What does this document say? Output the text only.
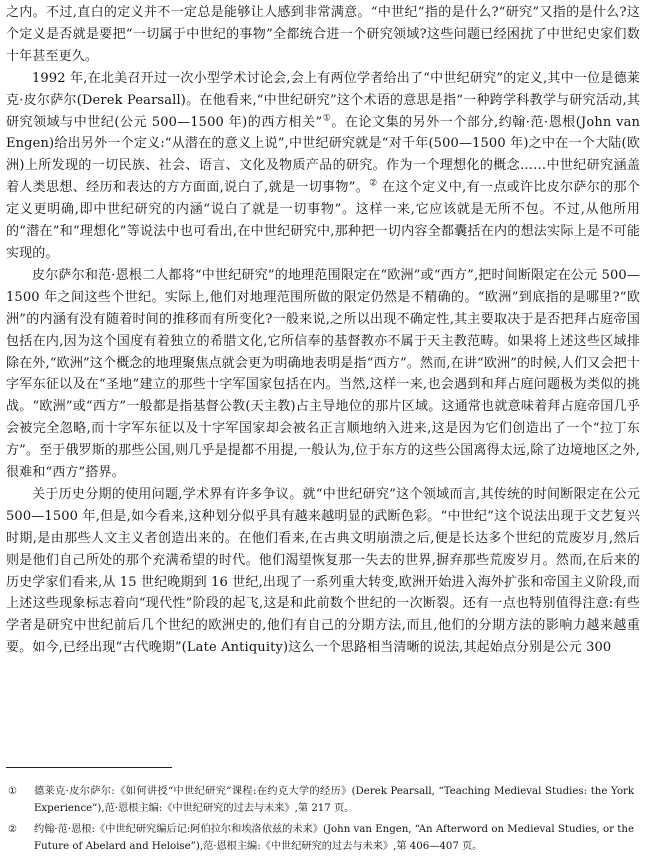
之内。不过,直白的定义并不一定总是能够让人感到非常满意。“中世纪”指的是什么?“研究”又指的是什么?这个定义是否就是要把“一切属于中世纪的事物”全都统合进一个研究领域?这些问题已经困扰了中世纪史家们数十年甚至更久。

1992 年,在北美召开过一次小型学术讨论会,会上有两位学者给出了“中世纪研究”的定义,其中一位是德莱克·皮尔萨尔(Derek Pearsall)。在他看来,“中世纪研究”这个术语的意思是指“一种跨学科教学与研究活动,其研究领域与中世纪(公元 500—1500 年)的西方相关”①。在论文集的另外一个部分,约翰·范·恩根(John van Engen)给出另外一个定义:“从潜在的意义上说”,中世纪研究就是“对千年(500—1500 年)之中在一个大陆(欧洲)上所发现的一切民族、社会、语言、文化及物质产品的研究。作为一个理想化的概念……中世纪研究涵盖着人类思想、经历和表达的方方面面,说白了,就是一切事物”。② 在这个定义中,有一点或许比皮尔萨尔的那个定义更明确,即中世纪研究的内涵“说白了就是一切事物”。这样一来,它应该就是无所不包。不过,从他所用的“潜在”和“理想化”等说法中也可看出,在中世纪研究中,那种把一切内容全都囊括在内的想法实际上是不可能实现的。

皮尔萨尔和范·恩根二人都将“中世纪研究”的地理范围限定在“欧洲”或“西方”,把时间断限定在公元 500—1500 年之间这些个世纪。实际上,他们对地理范围所做的限定仍然是不精确的。“欧洲”到底指的是哪里?“欧洲”的内涵有没有随着时间的推移而有所变化?一般来说,之所以出现不确定性,其主要取决于是否把拜占庭帝国包括在内,因为这个国度有着独立的希腊文化,它所信奉的基督教亦不属于天主教范畴。如果将上述这些区域排除在外,“欧洲”这个概念的地理聚焦点就会更为明确地表明是指“西方”。然而,在讲“欧洲”的时候,人们又会把十字军东征以及在“圣地”建立的那些十字军国家包括在内。当然,这样一来,也会遇到和拜占庭问题极为类似的挑战。“欧洲”或“西方”一般都是指基督公教(天主教)占主导地位的那片区域。这通常也就意味着拜占庭帝国几乎会被完全忽略,而十字军东征以及十字军国家却会被名正言顺地纳入进来,这是因为它们创造出了一个“拉丁东方”。至于俄罗斯的那些公国,则几乎是提都不用提,一般认为,位于东方的这些公国离得太远,除了边境地区之外,很难和“西方”搭界。

关于历史分期的使用问题,学术界有许多争议。就“中世纪研究”这个领域而言,其传统的时间断限定在公元 500—1500 年,但是,如今看来,这种划分似乎具有越来越明显的武断色彩。“中世纪”这个说法出现于文艺复兴时期,是由那些人文主义者创造出来的。在他们看来,在古典文明崩溃之后,便是长达多个世纪的荒废岁月,然后则是他们自己所处的那个充满希望的时代。他们渴望恢复那一失去的世界,摒弃那些荒废岁月。然而,在后来的历史学家们看来,从 15 世纪晚期到 16 世纪,出现了一系列重大转变,欧洲开始进入海外扩张和帝国主义阶段,而上述这些现象标志着向“现代性”阶段的起飞,这是和此前数个世纪的一次断裂。还有一点也特别值得注意:有些学者是研究中世纪前后几个世纪的欧洲史的,他们有自己的分期方法,而且,他们的分期方法的影响力越来越重要。如今,已经出现“古代晚期”(Late Antiquity)这么一个思路相当清晰的说法,其起始点分别是公元 300

①	德莱克·皮尔萨尔:《如何讲授“中世纪研究”课程:在约克大学的经历》(Derek Pearsall, “Teaching Medieval Studies: the York Experience”),范·恩根主编:《中世纪研究的过去与未来》,第 217 页。
②	约翰·范·恩根:《中世纪研究编后记:阿伯拉尔和埃洛依兹的未来》(John van Engen, “An Afterword on Medieval Studies, or the Future of Abelard and Heloise”),范·恩根主编:《中世纪研究的过去与未来》,第 406—407 页。
